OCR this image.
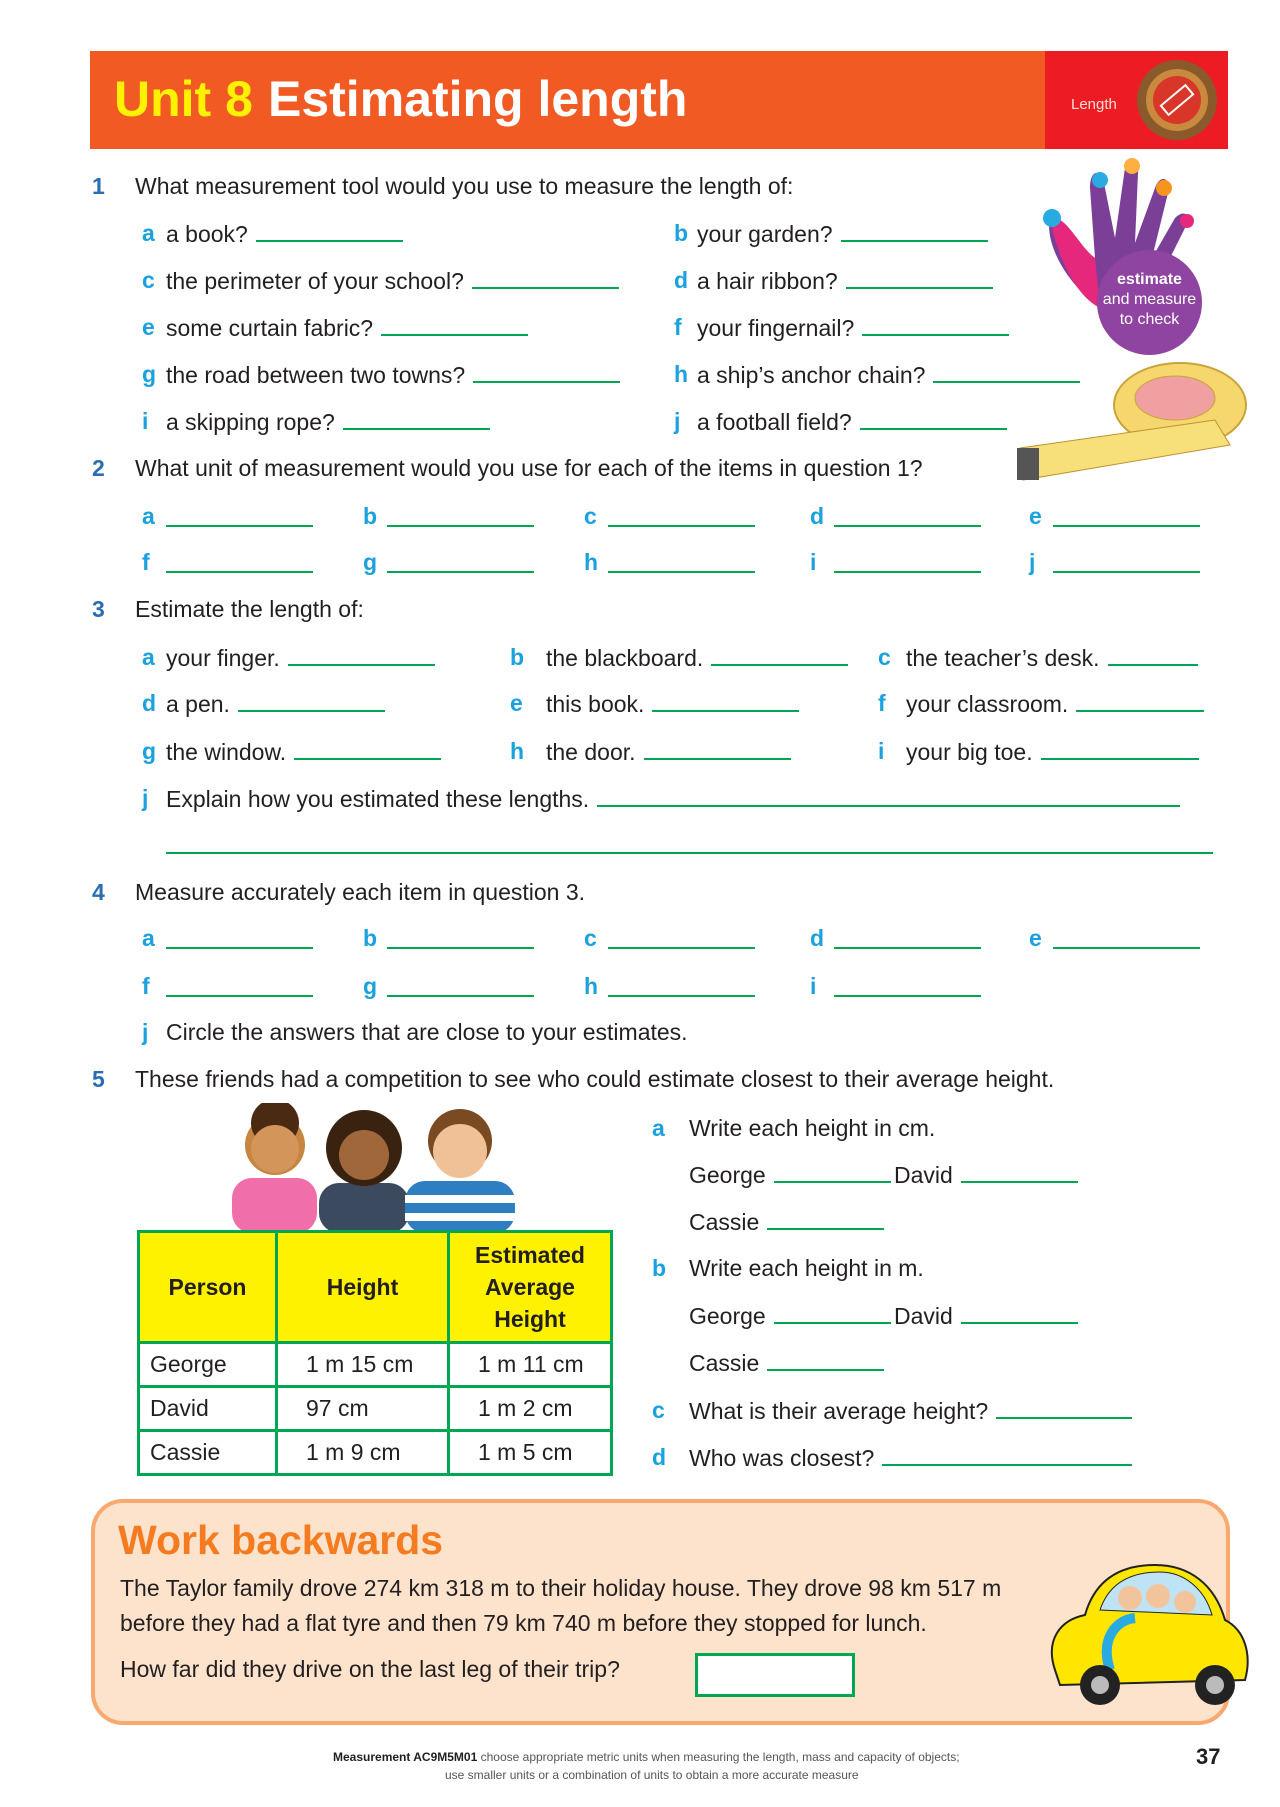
Unit 8 Estimating length	Length
estimate
and measure
to check
Person	Height	Estimated Average Height
George	1 m 15 cm	1 m 11 cm
David	97 cm	1 m 2 cm
Cassie	1 m 9 cm	1 m 5 cm
Work backwards
The Taylor family drove 274 km 318 m to their holiday house. They drove 98 km 517 m
before they had a flat tyre and then 79 km 740 m before they stopped for lunch.
How far did they drive on the last leg of their trip?
Measurement AC9M5M01 choose appropriate metric units when measuring the length, mass and capacity of objects;
use smaller units or a combination of units to obtain a more accurate measure
37
1 What measurement tool would you use to measure the length of:
a a book?	b your garden?
c the perimeter of your school?	d a hair ribbon?
e some curtain fabric?	f your fingernail?
g the road between two towns?	h a ship’s anchor chain?
i a skipping rope?	j a football field?
2 What unit of measurement would you use for each of the items in question 1?
a	b	c	d	e
f	g	h	i	j
3 Estimate the length of:
a your finger.	b the blackboard.	c the teacher’s desk.
d a pen.	e this book.	f your classroom.
g the window.	h the door.	i your big toe.
j Explain how you estimated these lengths.
4 Measure accurately each item in question 3.
a	b	c	d	e
f	g	h	i
j Circle the answers that are close to your estimates.
5 These friends had a competition to see who could estimate closest to their average height.
a Write each height in cm.
b Write each height in m.
George	David
Cassie
George	David
Cassie
c What is their average height?
d Who was closest?
